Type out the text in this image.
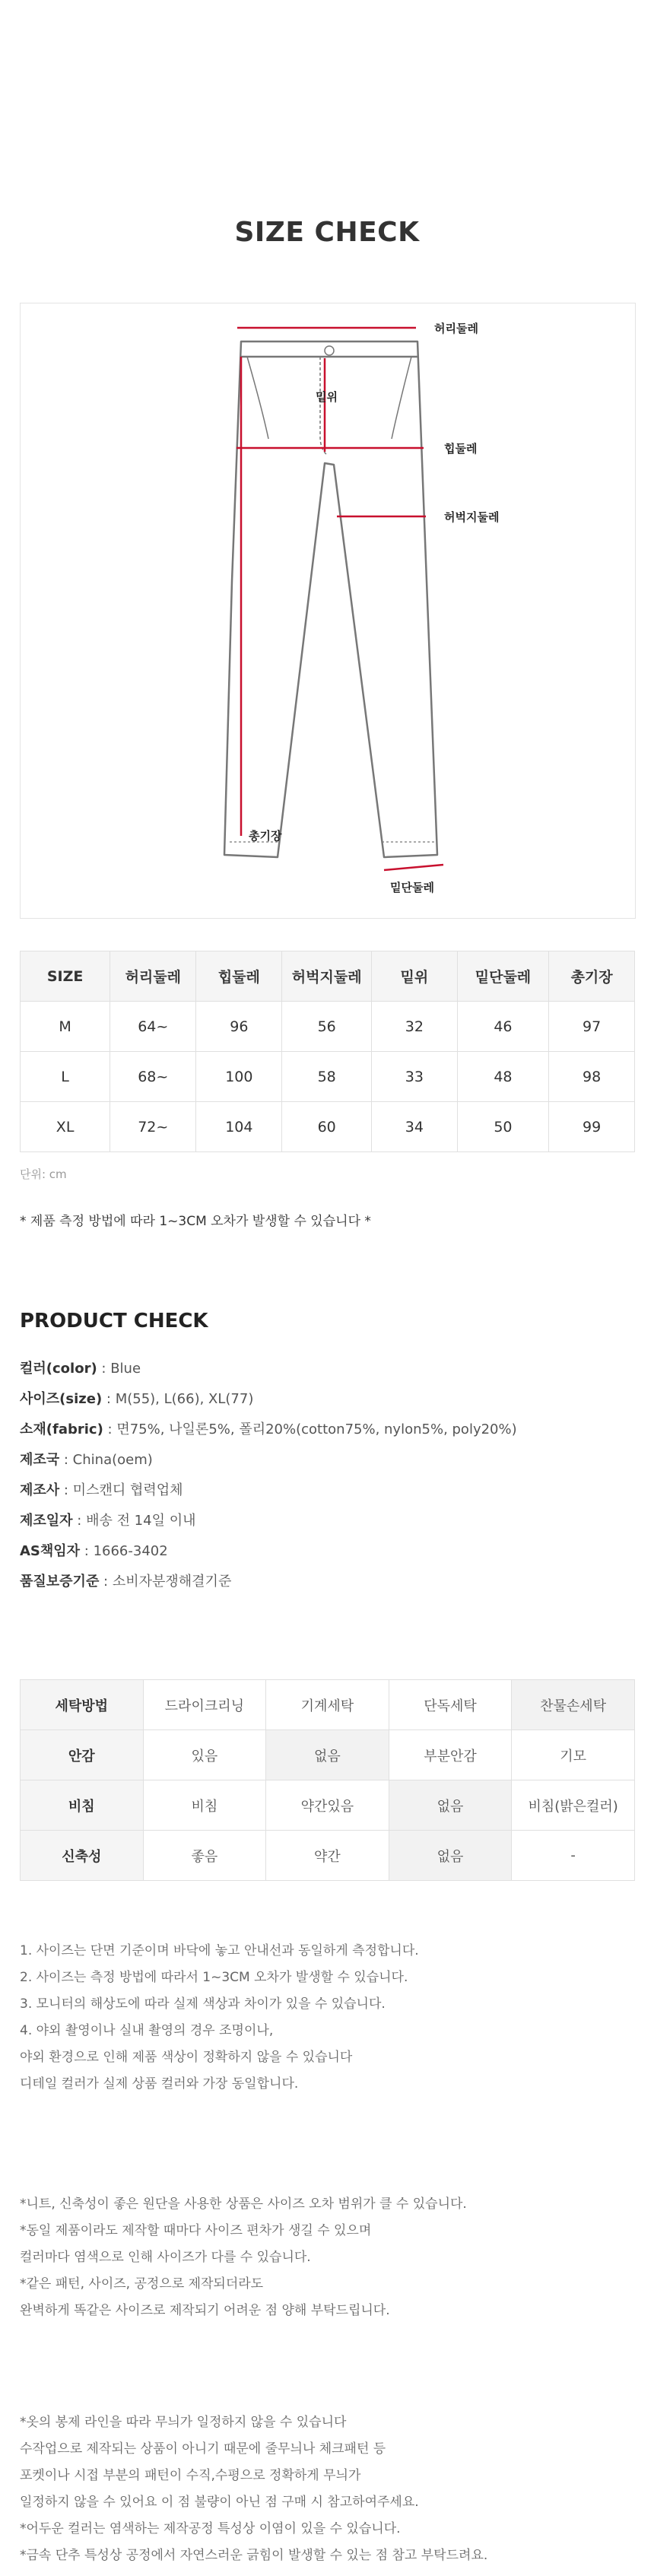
SIZE CHECK
허리둘레
밑위
힙둘레
허벅지둘레
총기장
밑단둘레
SIZE	허리둘레	힙둘레	허벅지둘레	밑위	밑단둘레	총기장
M	64~	96	56	32	46	97
L	68~	100	58	33	48	98
XL	72~	104	60	34	50	99
단위: cm
* 제품 측정 방법에 따라 1~3CM 오차가 발생할 수 있습니다 *
PRODUCT CHECK
컬러(color) : Blue
사이즈(size) : M(55), L(66), XL(77)
소재(fabric) : 면75%, 나일론5%, 폴리20%(cotton75%, nylon5%, poly20%)
제조국 : China(oem)
제조사 : 미스캔디 협력업체
제조일자 : 배송 전 14일 이내
AS책임자 : 1666-3402
품질보증기준 : 소비자분쟁해결기준
세탁방법	드라이크리닝	기계세탁	단독세탁	찬물손세탁
안감	있음	없음	부분안감	기모
비침	비침	약간있음	없음	비침(밝은컬러)
신축성	좋음	약간	없음	-
1. 사이즈는 단면 기준이며 바닥에 놓고 안내선과 동일하게 측정합니다.
2. 사이즈는 측정 방법에 따라서 1~3CM 오차가 발생할 수 있습니다.
3. 모니터의 해상도에 따라 실제 색상과 차이가 있을 수 있습니다.
4. 야외 촬영이나 실내 촬영의 경우 조명이나,
야외 환경으로 인해 제품 색상이 정확하지 않을 수 있습니다
디테일 컬러가 실제 상품 컬러와 가장 동일합니다.
*니트, 신축성이 좋은 원단을 사용한 상품은 사이즈 오차 범위가 클 수 있습니다.
*동일 제품이라도 제작할 때마다 사이즈 편차가 생길 수 있으며
컬러마다 염색으로 인해 사이즈가 다를 수 있습니다.
*같은 패턴, 사이즈, 공정으로 제작되더라도
완벽하게 똑같은 사이즈로 제작되기 어려운 점 양해 부탁드립니다.
*옷의 봉제 라인을 따라 무늬가 일정하지 않을 수 있습니다
수작업으로 제작되는 상품이 아니기 때문에 줄무늬나 체크패턴 등
포켓이나 시접 부분의 패턴이 수직,수평으로 정확하게 무늬가
일정하지 않을 수 있어요 이 점 불량이 아닌 점 구매 시 참고하여주세요.
*어두운 컬러는 염색하는 제작공정 특성상 이염이 있을 수 있습니다.
*금속 단추 특성상 공정에서 자연스러운 긁힘이 발생할 수 있는 점 참고 부탁드려요.
